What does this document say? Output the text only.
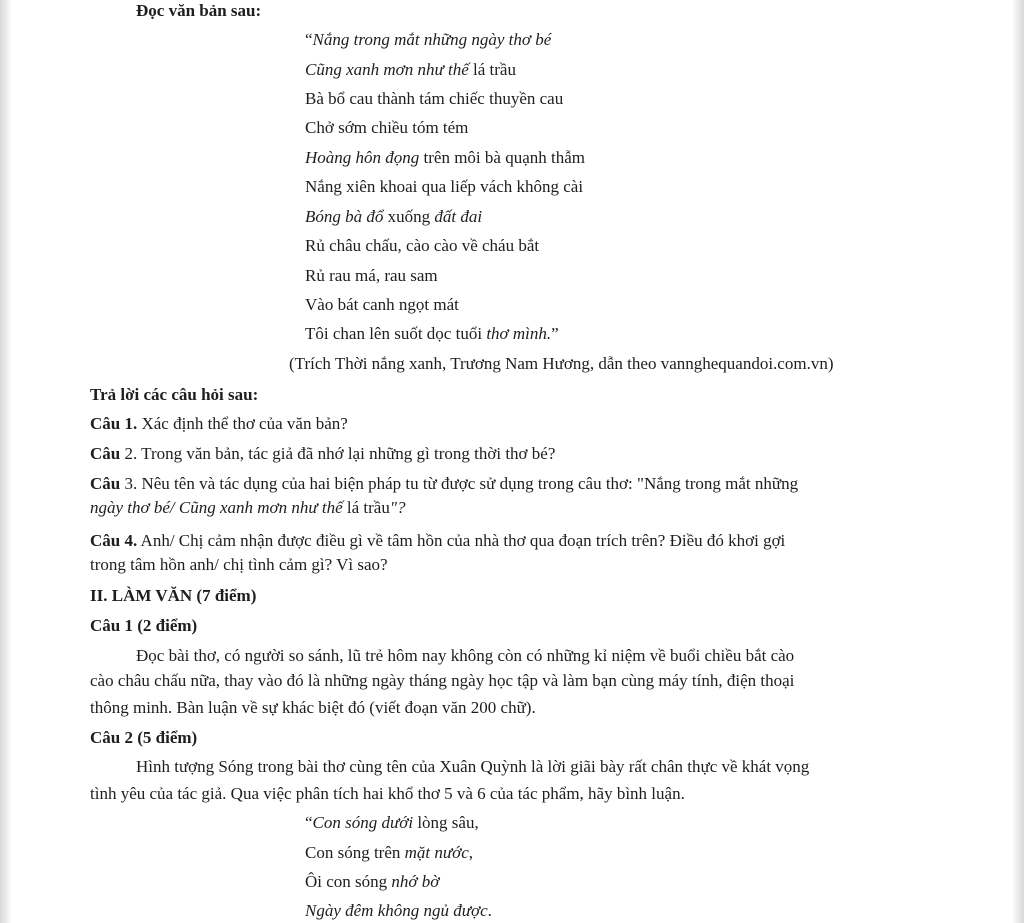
Đọc văn bản sau:
“Nắng trong mắt những ngày thơ bé
Cũng xanh mơn như thế lá trầu
Bà bổ cau thành tám chiếc thuyền cau
Chở sớm chiều tóm tém
Hoàng hôn đọng trên môi bà quạnh thẫm
Nắng xiên khoai qua liếp vách không cài
Bóng bà đổ xuống đất đai
Rủ châu chấu, cào cào về cháu bắt
Rủ rau má, rau sam
Vào bát canh ngọt mát
Tôi chan lên suốt dọc tuổi thơ mình.”
(Trích Thời nắng xanh, Trương Nam Hương, dẫn theo vannghequandoi.com.vn)
Trả lời các câu hỏi sau:
Câu 1. Xác định thể thơ của văn bản?
Câu 2. Trong văn bản, tác giả đã nhớ lại những gì trong thời thơ bé?
Câu 3. Nêu tên và tác dụng của hai biện pháp tu từ được sử dụng trong câu thơ: "Nắng trong mắt những
ngày thơ bé/ Cũng xanh mơn như thế lá trầu"?
Câu 4. Anh/ Chị cảm nhận được điều gì về tâm hồn của nhà thơ qua đoạn trích trên? Điều đó khơi gợi
trong tâm hồn anh/ chị tình cảm gì? Vì sao?
II. LÀM VĂN (7 điểm)
Câu 1 (2 điểm)
Đọc bài thơ, có người so sánh, lũ trẻ hôm nay không còn có những kỉ niệm về buổi chiều bắt cào
cào châu chấu nữa, thay vào đó là những ngày tháng ngày học tập và làm bạn cùng máy tính, điện thoại
thông minh. Bàn luận về sự khác biệt đó (viết đoạn văn 200 chữ).
Câu 2 (5 điểm)
Hình tượng Sóng trong bài thơ cùng tên của Xuân Quỳnh là lời giãi bày rất chân thực về khát vọng
tình yêu của tác giả. Qua việc phân tích hai khổ thơ 5 và 6 của tác phẩm, hãy bình luận.
“Con sóng dưới lòng sâu,
Con sóng trên mặt nước,
Ôi con sóng nhớ bờ
Ngày đêm không ngủ được.
